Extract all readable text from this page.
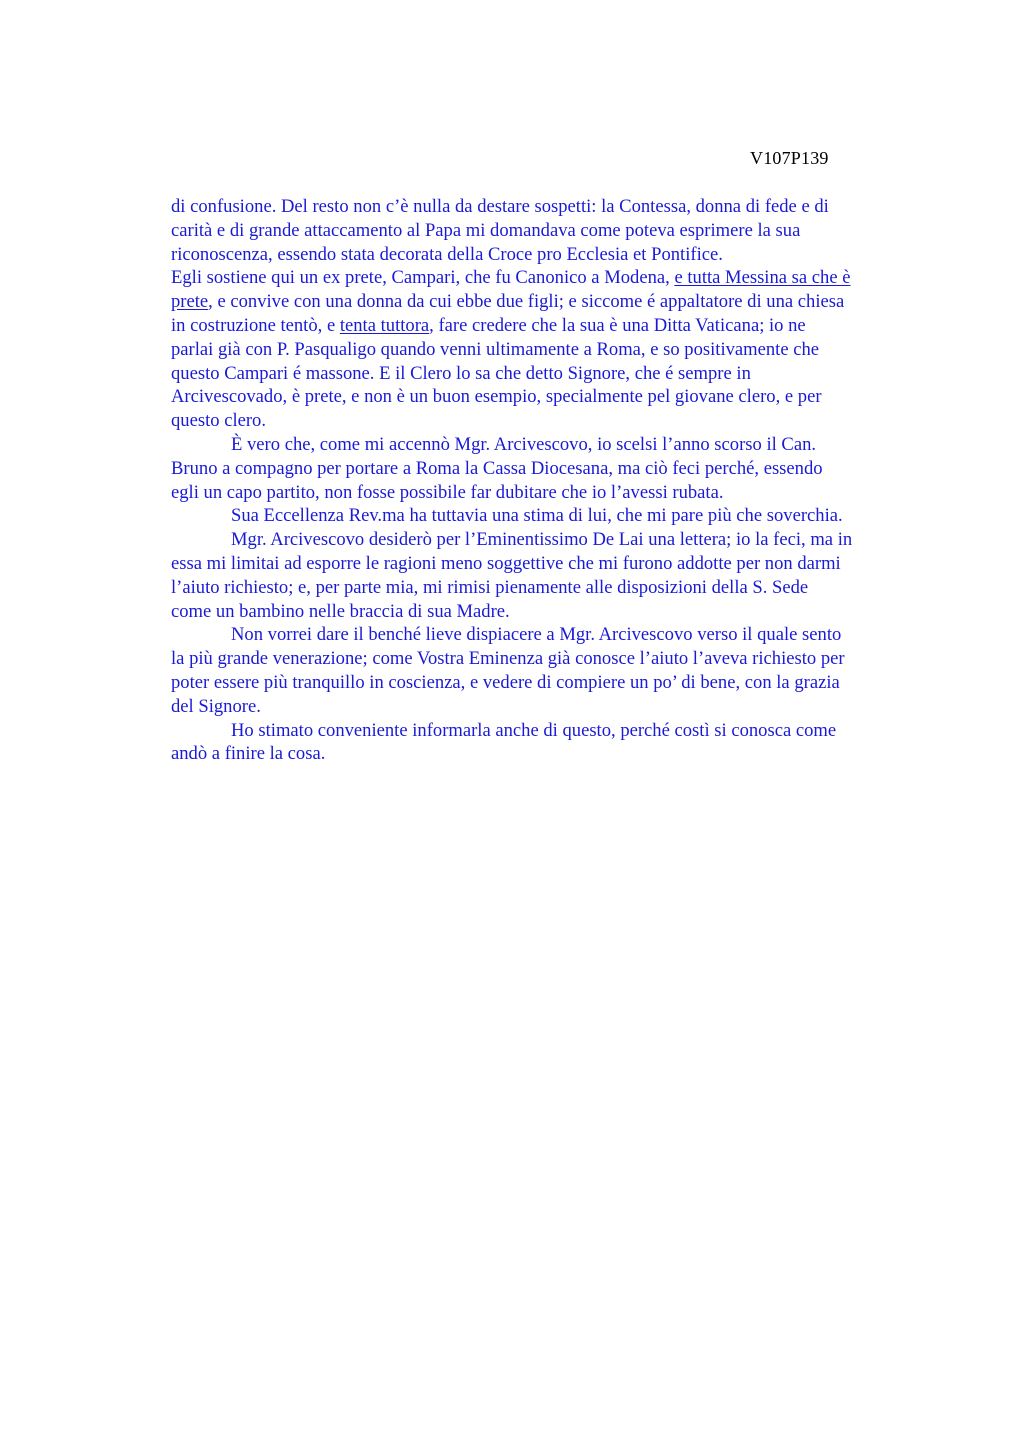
V107P139

di confusione. Del resto non c’è nulla da destare sospetti: la Contessa, donna di fede e di

carità e di grande attaccamento al Papa mi domandava come poteva esprimere la sua

riconoscenza, essendo stata decorata della Croce pro Ecclesia et Pontifice.

Egli sostiene qui un ex prete, Campari, che fu Canonico a Modena, e tutta Messina sa che è

prete, e convive con una donna da cui ebbe due figli; e siccome é appaltatore di una chiesa

in costruzione tentò, e tenta tuttora, fare credere che la sua è una Ditta Vaticana; io ne

parlai già con P. Pasqualigo quando venni ultimamente a Roma, e so positivamente che

questo Campari é massone. E il Clero lo sa che detto Signore, che é sempre in

Arcivescovado, è prete, e non è un buon esempio, specialmente pel giovane clero, e per

questo clero.

È vero che, come mi accennò Mgr. Arcivescovo, io scelsi l’anno scorso il Can.

Bruno a compagno per portare a Roma la Cassa Diocesana, ma ciò feci perché, essendo

egli un capo partito, non fosse possibile far dubitare che io l’avessi rubata.

Sua Eccellenza Rev.ma ha tuttavia una stima di lui, che mi pare più che soverchia.

Mgr. Arcivescovo desiderò per l’Eminentissimo De Lai una lettera; io la feci, ma in

essa mi limitai ad esporre le ragioni meno soggettive che mi furono addotte per non darmi

l’aiuto richiesto; e, per parte mia, mi rimisi pienamente alle disposizioni della S. Sede

come un bambino nelle braccia di sua Madre.

Non vorrei dare il benché lieve dispiacere a Mgr. Arcivescovo verso il quale sento

la più grande venerazione; come Vostra Eminenza già conosce l’aiuto l’aveva richiesto per

poter essere più tranquillo in coscienza, e vedere di compiere un po’ di bene, con la grazia

del Signore.

Ho stimato conveniente informarla anche di questo, perché costì si conosca come

andò a finire la cosa.
